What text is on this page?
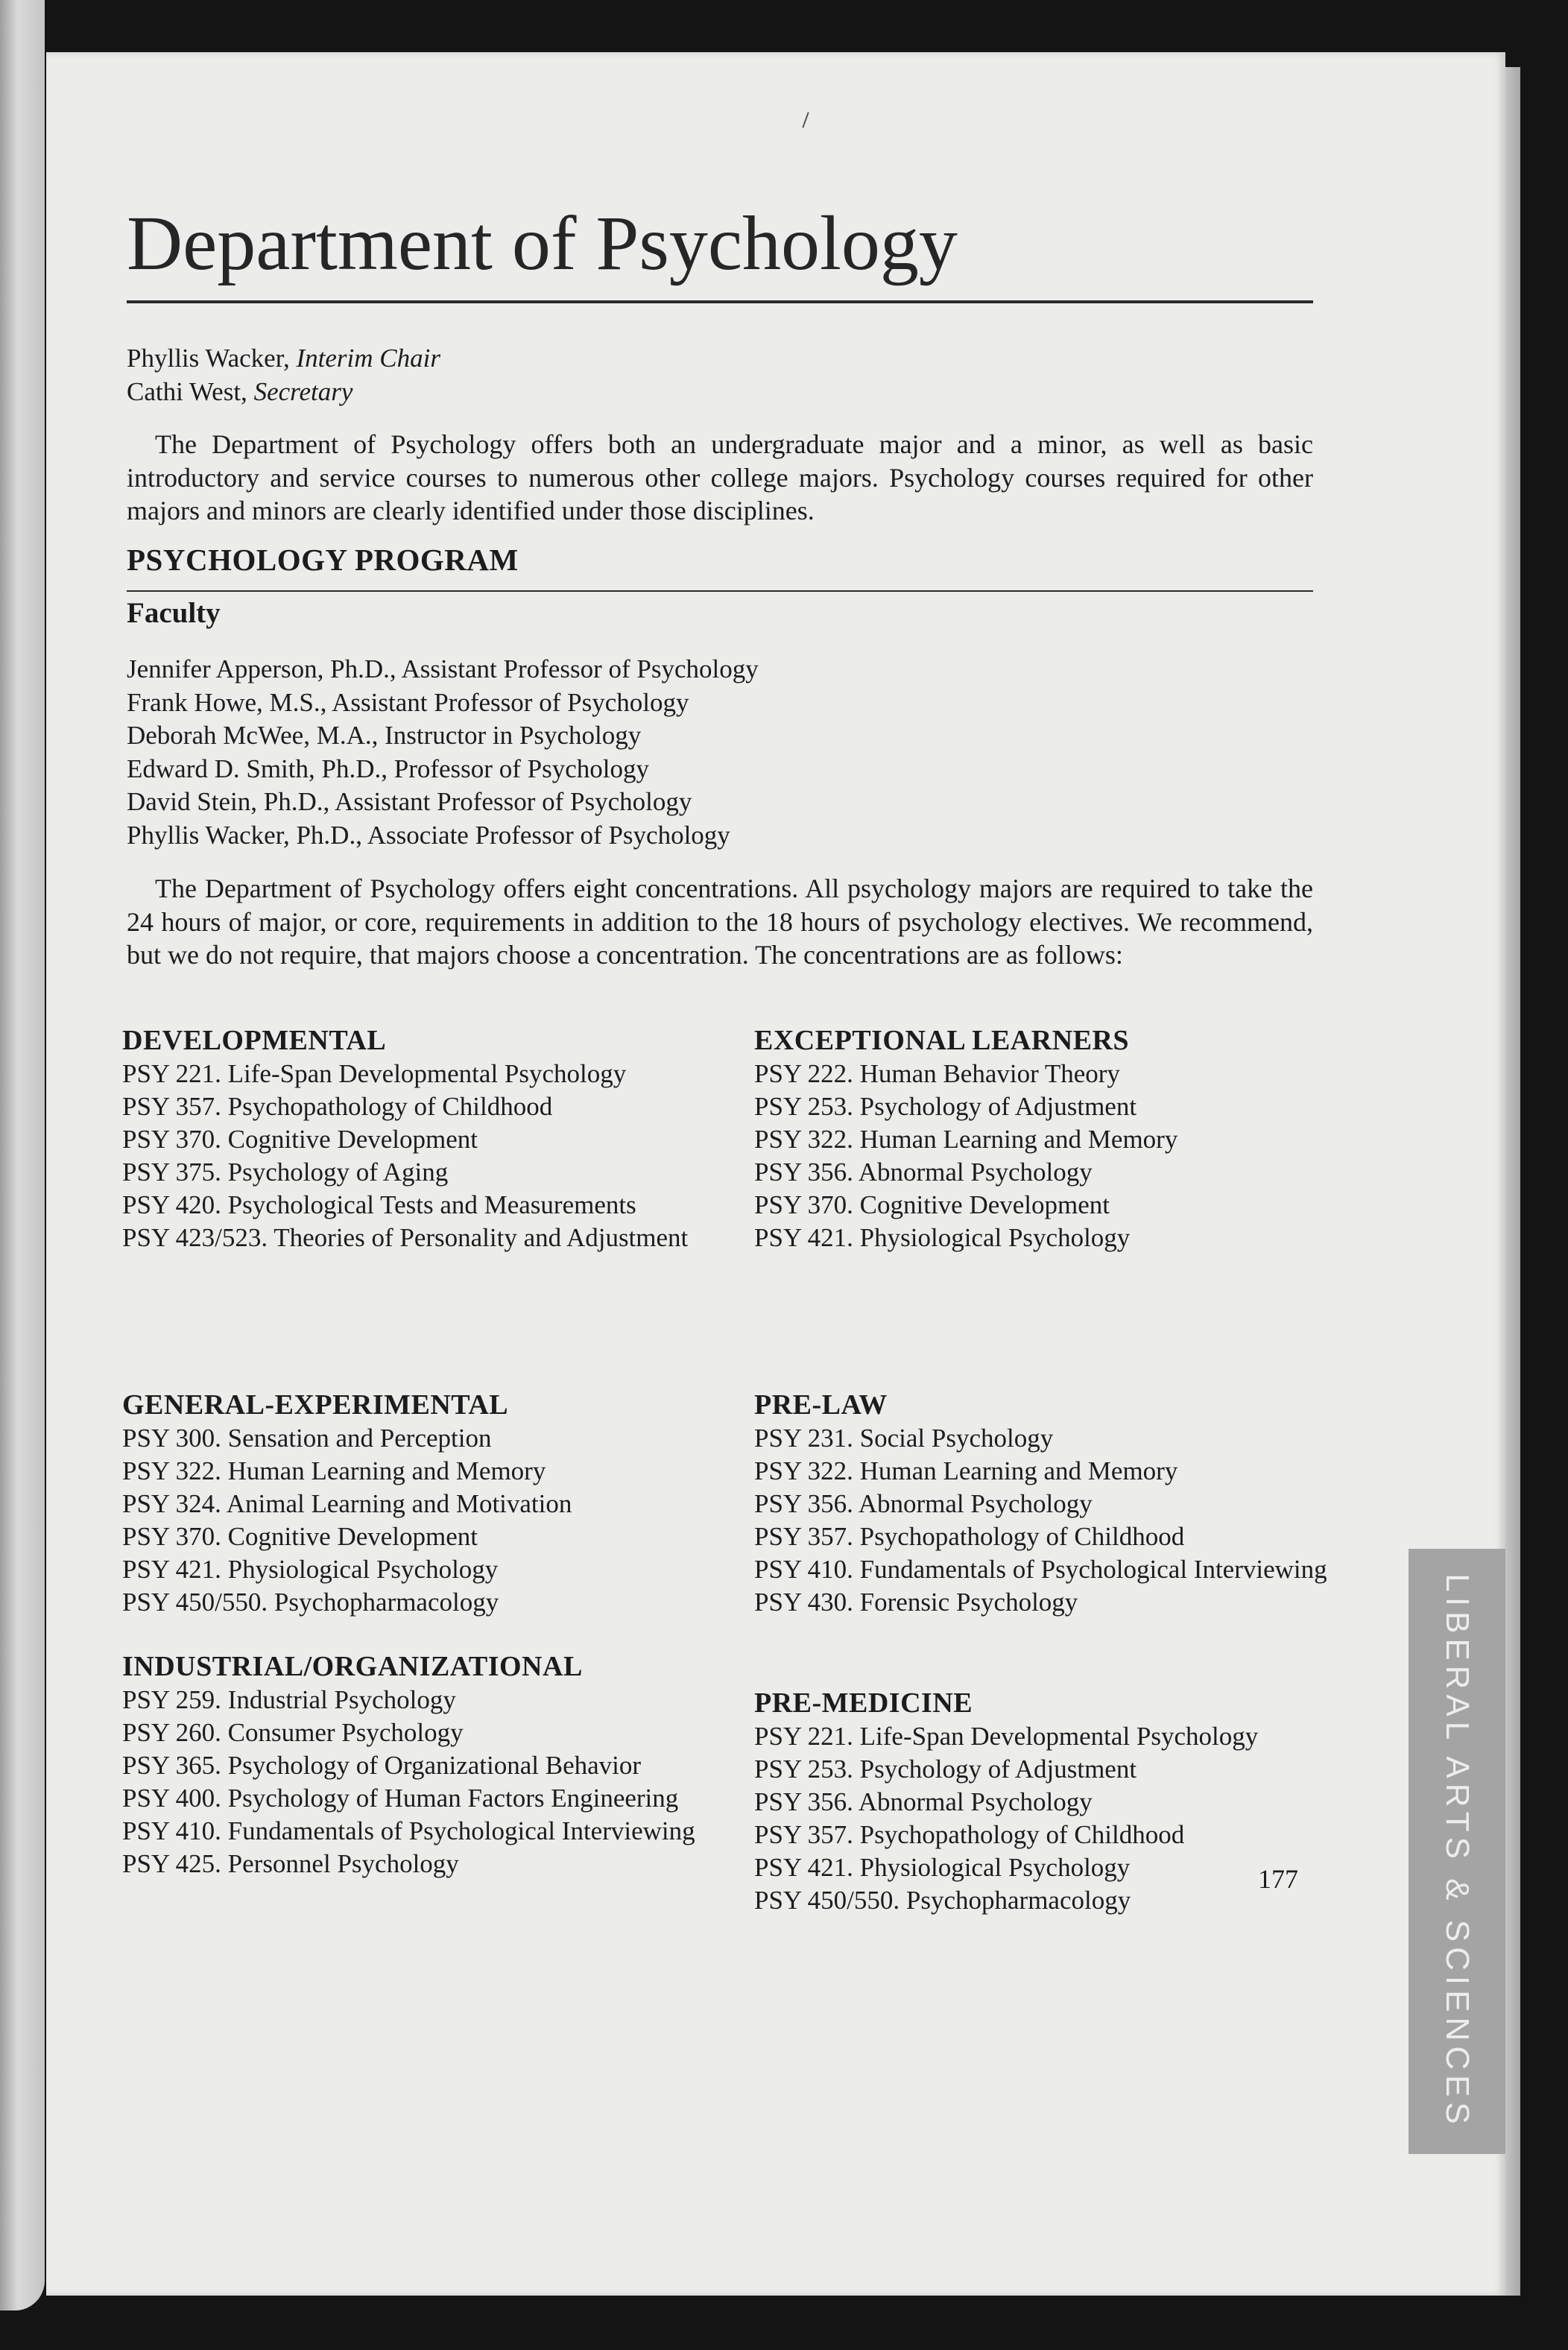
Department of Psychology
Phyllis Wacker, Interim Chair
Cathi West, Secretary

The Department of Psychology offers both an undergraduate major and a minor, as well as basic introductory and service courses to numerous other college majors. Psychology courses required for other majors and minors are clearly identified under those disciplines.

PSYCHOLOGY PROGRAM
Faculty
Jennifer Apperson, Ph.D., Assistant Professor of Psychology
Frank Howe, M.S., Assistant Professor of Psychology
Deborah McWee, M.A., Instructor in Psychology
Edward D. Smith, Ph.D., Professor of Psychology
David Stein, Ph.D., Assistant Professor of Psychology
Phyllis Wacker, Ph.D., Associate Professor of Psychology

The Department of Psychology offers eight concentrations. All psychology majors are required to take the 24 hours of major, or core, requirements in addition to the 18 hours of psychology electives. We recommend, but we do not require, that majors choose a concentration. The concentrations are as follows:

DEVELOPMENTAL
PSY 221. Life-Span Developmental Psychology
PSY 357. Psychopathology of Childhood
PSY 370. Cognitive Development
PSY 375. Psychology of Aging
PSY 420. Psychological Tests and Measurements
PSY 423/523. Theories of Personality and Adjustment
GENERAL-EXPERIMENTAL
PSY 300. Sensation and Perception
PSY 322. Human Learning and Memory
PSY 324. Animal Learning and Motivation
PSY 370. Cognitive Development
PSY 421. Physiological Psychology
PSY 450/550. Psychopharmacology
INDUSTRIAL/ORGANIZATIONAL
PSY 259. Industrial Psychology
PSY 260. Consumer Psychology
PSY 365. Psychology of Organizational Behavior
PSY 400. Psychology of Human Factors Engineering
PSY 410. Fundamentals of Psychological Interviewing
PSY 425. Personnel Psychology
EXCEPTIONAL LEARNERS
PSY 222. Human Behavior Theory
PSY 253. Psychology of Adjustment
PSY 322. Human Learning and Memory
PSY 356. Abnormal Psychology
PSY 370. Cognitive Development
PSY 421. Physiological Psychology
PRE-LAW
PSY 231. Social Psychology
PSY 322. Human Learning and Memory
PSY 356. Abnormal Psychology
PSY 357. Psychopathology of Childhood
PSY 410. Fundamentals of Psychological Interviewing
PSY 430. Forensic Psychology
PRE-MEDICINE
PSY 221. Life-Span Developmental Psychology
PSY 253. Psychology of Adjustment
PSY 356. Abnormal Psychology
PSY 357. Psychopathology of Childhood
PSY 421. Physiological Psychology
PSY 450/550. Psychopharmacology
177	LIBERAL ARTS & SCIENCES
